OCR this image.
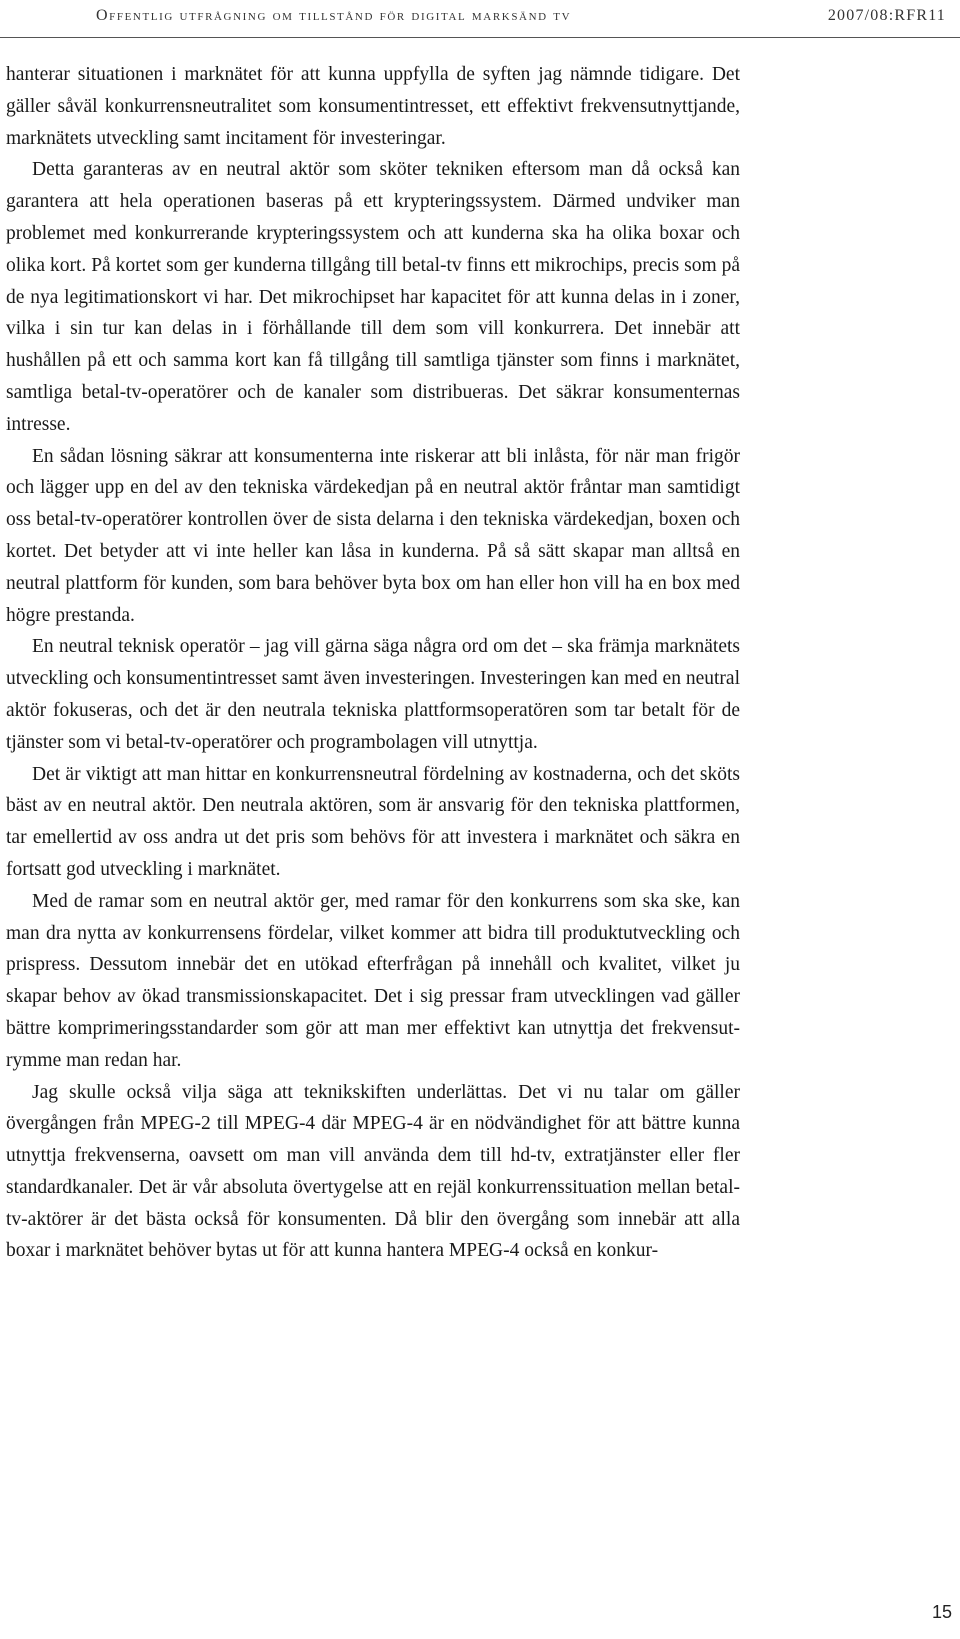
Offentlig utfrågning om tillstånd för digital marksänd tv	2007/08:RFR11

hanterar situationen i marknätet för att kunna uppfylla de syften jag nämnde tidigare. Det gäller såväl konkurrensneutralitet som konsumentintresset, ett effektivt frekvensutnyttjande, marknätets utveckling samt incitament för investeringar.

Detta garanteras av en neutral aktör som sköter tekniken eftersom man då också kan garantera att hela operationen baseras på ett krypteringssystem. Därmed undviker man problemet med konkurrerande krypteringssystem och att kunderna ska ha olika boxar och olika kort. På kortet som ger kunderna tillgång till betal-tv finns ett mikrochips, precis som på de nya legitimationskort vi har. Det mikrochipset har kapacitet för att kunna delas in i zoner, vilka i sin tur kan delas in i förhållande till dem som vill konkurrera. Det innebär att hushållen på ett och samma kort kan få tillgång till samtliga tjänster som finns i marknätet, samtliga betal-tv-operatörer och de kanaler som distribueras. Det säkrar konsumenternas intresse.

En sådan lösning säkrar att konsumenterna inte riskerar att bli inlåsta, för när man frigör och lägger upp en del av den tekniska värdekedjan på en neutral aktör fråntar man samtidigt oss betal-tv-operatörer kontrollen över de sista delarna i den tekniska värdekedjan, boxen och kortet. Det betyder att vi inte heller kan låsa in kunderna. På så sätt skapar man alltså en neutral plattform för kunden, som bara behöver byta box om han eller hon vill ha en box med högre prestanda.

En neutral teknisk operatör – jag vill gärna säga några ord om det – ska främja marknätets utveckling och konsumentintresset samt även investeringen. Investeringen kan med en neutral aktör fokuseras, och det är den neutrala tekniska plattformsoperatören som tar betalt för de tjänster som vi betal-tv-operatörer och programbolagen vill utnyttja.

Det är viktigt att man hittar en konkurrensneutral fördelning av kostnaderna, och det sköts bäst av en neutral aktör. Den neutrala aktören, som är ansvarig för den tekniska plattformen, tar emellertid av oss andra ut det pris som behövs för att investera i marknätet och säkra en fortsatt god utveckling i marknätet.

Med de ramar som en neutral aktör ger, med ramar för den konkurrens som ska ske, kan man dra nytta av konkurrensens fördelar, vilket kommer att bidra till produktutveckling och prispress. Dessutom innebär det en utökad efterfrågan på innehåll och kvalitet, vilket ju skapar behov av ökad transmissionskapacitet. Det i sig pressar fram utvecklingen vad gäller bättre komprimeringsstandarder som gör att man mer effektivt kan utnyttja det frekvensutrymme man redan har.

Jag skulle också vilja säga att teknikskiften underlättas. Det vi nu talar om gäller övergången från MPEG-2 till MPEG-4 där MPEG-4 är en nödvändighet för att bättre kunna utnyttja frekvenserna, oavsett om man vill använda dem till hd-tv, extratjänster eller fler standardkanaler. Det är vår absoluta övertygelse att en rejäl konkurrenssituation mellan betal-tv-aktörer är det bästa också för konsumenten. Då blir den övergång som innebär att alla boxar i marknätet behöver bytas ut för att kunna hantera MPEG-4 också en konkur-

15
